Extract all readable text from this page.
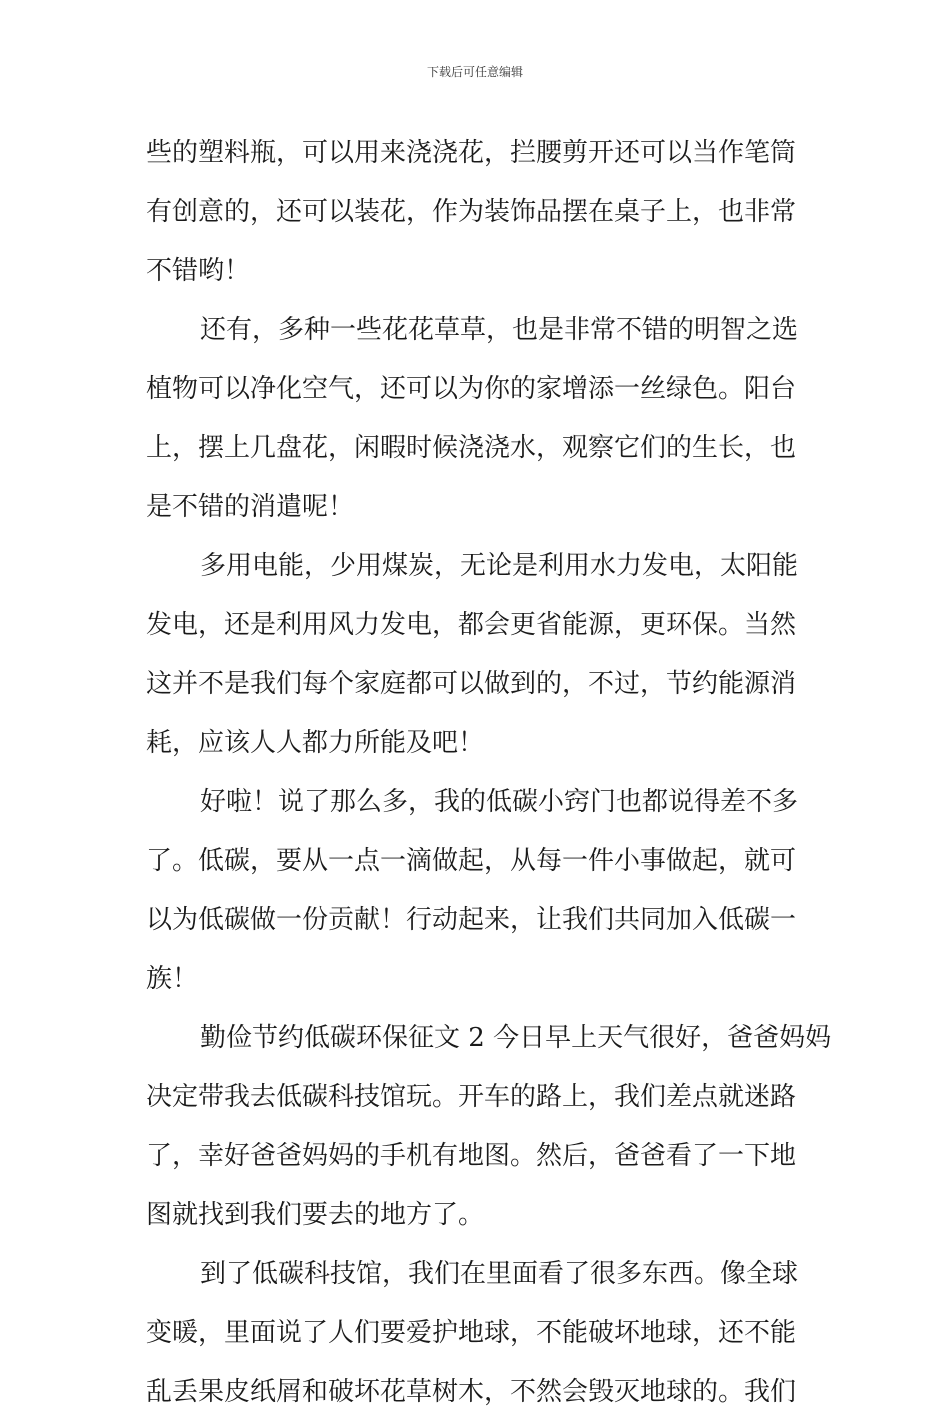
下载后可任意编辑
些的塑料瓶，可以用来浇浇花，拦腰剪开还可以当作笔筒
有创意的，还可以装花，作为装饰品摆在桌子上，也非常
不错哟！
还有，多种一些花花草草，也是非常不错的明智之选
植物可以净化空气，还可以为你的家增添一丝绿色。阳台
上，摆上几盘花，闲暇时候浇浇水，观察它们的生长，也
是不错的消遣呢！
多用电能，少用煤炭，无论是利用水力发电，太阳能
发电，还是利用风力发电，都会更省能源，更环保。当然
这并不是我们每个家庭都可以做到的，不过，节约能源消
耗，应该人人都力所能及吧！
好啦！说了那么多，我的低碳小窍门也都说得差不多
了。低碳，要从一点一滴做起，从每一件小事做起，就可
以为低碳做一份贡献！行动起来，让我们共同加入低碳一
族！
勤俭节约低碳环保征文 2 今日早上天气很好，爸爸妈妈
决定带我去低碳科技馆玩。开车的路上，我们差点就迷路
了，幸好爸爸妈妈的手机有地图。然后，爸爸看了一下地
图就找到我们要去的地方了。
到了低碳科技馆，我们在里面看了很多东西。像全球
变暖，里面说了人们要爱护地球，不能破坏地球，还不能
乱丢果皮纸屑和破坏花草树木，不然会毁灭地球的。我们
